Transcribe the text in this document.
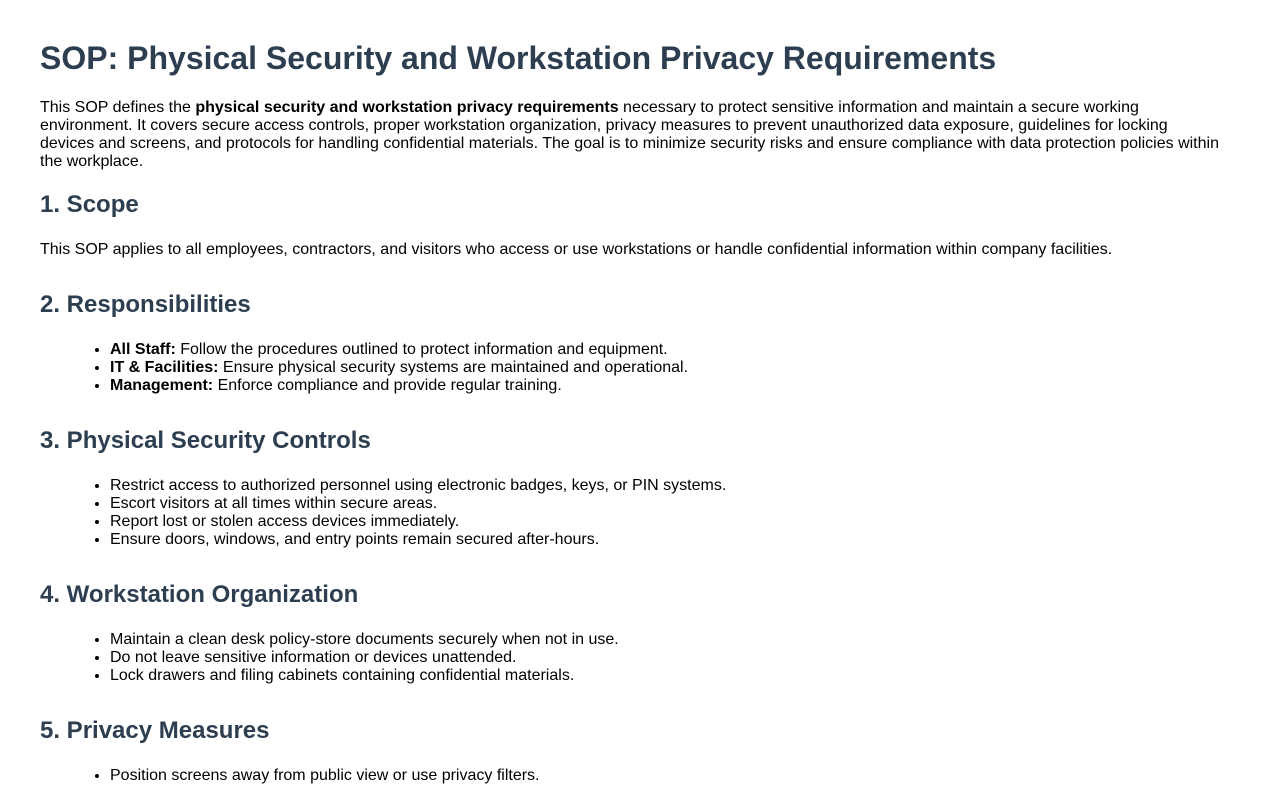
SOP: Physical Security and Workstation Privacy Requirements

This SOP defines the physical security and workstation privacy requirements necessary to protect sensitive information and maintain a secure working environment. It covers secure access controls, proper workstation organization, privacy measures to prevent unauthorized data exposure, guidelines for locking devices and screens, and protocols for handling confidential materials. The goal is to minimize security risks and ensure compliance with data protection policies within the workplace.

1. Scope

This SOP applies to all employees, contractors, and visitors who access or use workstations or handle confidential information within company facilities.

2. Responsibilities
• All Staff: Follow the procedures outlined to protect information and equipment.
• IT & Facilities: Ensure physical security systems are maintained and operational.
• Management: Enforce compliance and provide regular training.
3. Physical Security Controls
• Restrict access to authorized personnel using electronic badges, keys, or PIN systems.
• Escort visitors at all times within secure areas.
• Report lost or stolen access devices immediately.
• Ensure doors, windows, and entry points remain secured after-hours.
4. Workstation Organization
• Maintain a clean desk policy-store documents securely when not in use.
• Do not leave sensitive information or devices unattended.
• Lock drawers and filing cabinets containing confidential materials.
5. Privacy Measures
• Position screens away from public view or use privacy filters.
